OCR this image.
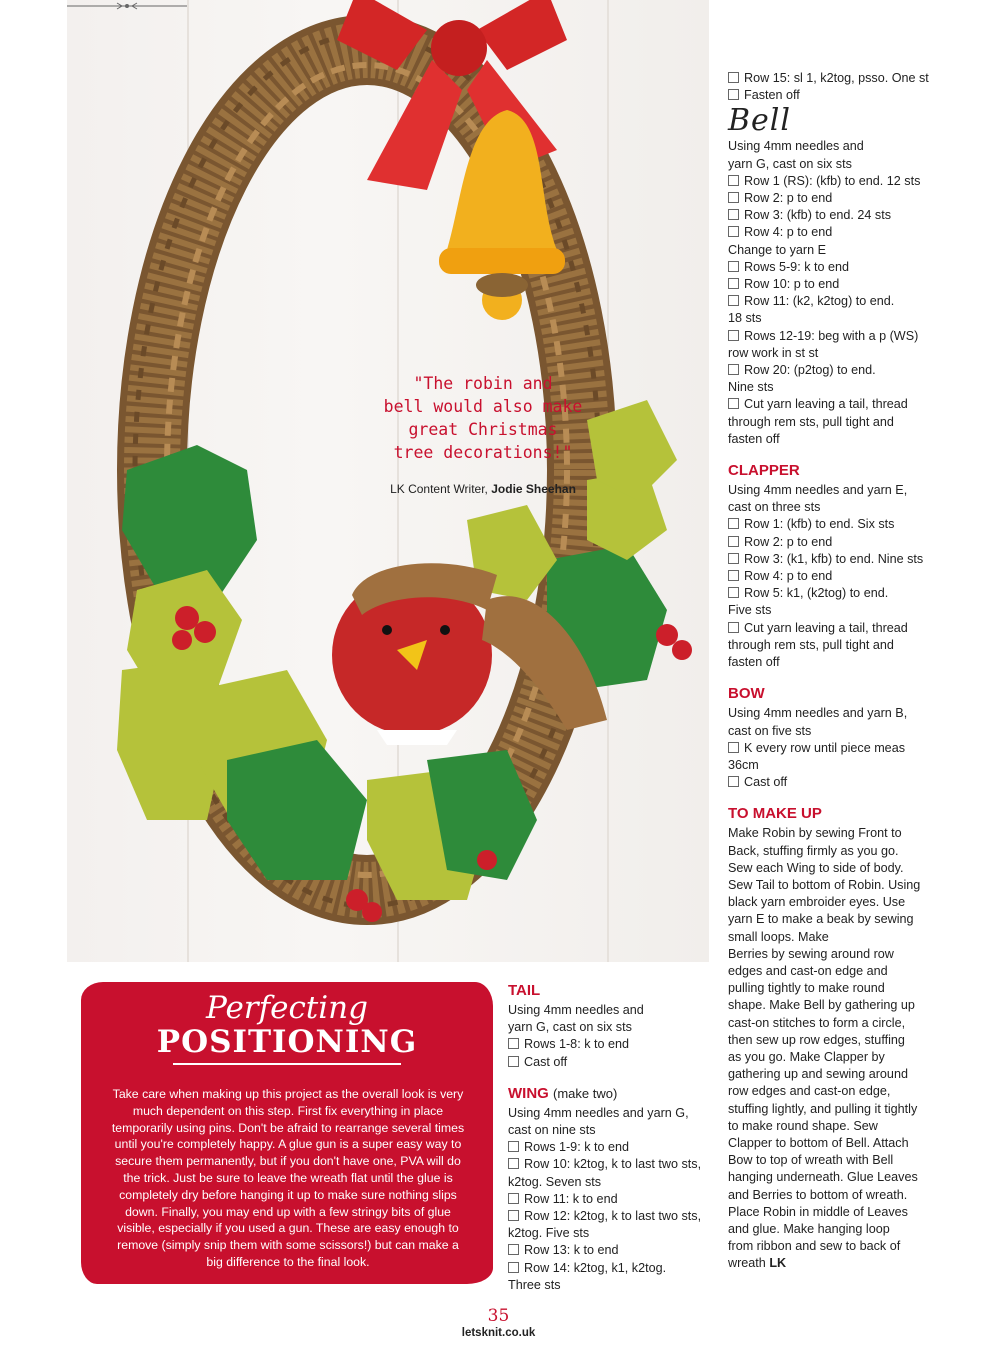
"The robin and
bell would also make
great Christmas
tree decorations!"
LK Content Writer, Jodie Sheehan

Row 15: sl 1, k2tog, psso. One st

Fasten off

Bell

Using 4mm needles and
yarn G, cast on six sts

Row 1 (RS): (kfb) to end. 12 sts

Row 2: p to end

Row 3: (kfb) to end. 24 sts

Row 4: p to end

Change to yarn E

Rows 5-9: k to end

Row 10: p to end

Row 11: (k2, k2tog) to end.

18 sts

Rows 12-19: beg with a p (WS)

row work in st st

Row 20: (p2tog) to end.

Nine sts

Cut yarn leaving a tail, thread

through rem sts, pull tight and

fasten off

CLAPPER

Using 4mm needles and yarn E,
cast on three sts

Row 1: (kfb) to end. Six sts

Row 2: p to end

Row 3: (k1, kfb) to end. Nine sts

Row 4: p to end

Row 5: k1, (k2tog) to end.

Five sts

Cut yarn leaving a tail, thread

through rem sts, pull tight and

fasten off

BOW

Using 4mm needles and yarn B,
cast on five sts

K every row until piece meas

36cm

Cast off

TO MAKE UP

Make Robin by sewing Front to
Back, stuffing firmly as you go.
Sew each Wing to side of body.
Sew Tail to bottom of Robin. Using
black yarn embroider eyes. Use
yarn E to make a beak by sewing
small loops. Make
Berries by sewing around row
edges and cast-on edge and
pulling tightly to make round
shape. Make Bell by gathering up
cast-on stitches to form a circle,
then sew up row edges, stuffing
as you go. Make Clapper by
gathering up and sewing around
row edges and cast-on edge,
stuffing lightly, and pulling it tightly
to make round shape. Sew
Clapper to bottom of Bell. Attach
Bow to top of wreath with Bell
hanging underneath. Glue Leaves
and Berries to bottom of wreath.
Place Robin in middle of Leaves
and glue. Make hanging loop
from ribbon and sew to back of
wreath LK

TAIL

Using 4mm needles and
yarn G, cast on six sts

Rows 1-8: k to end

Cast off

WING (make two)

Using 4mm needles and yarn G,
cast on nine sts

Rows 1-9: k to end

Row 10: k2tog, k to last two sts,

k2tog. Seven sts

Row 11: k to end

Row 12: k2tog, k to last two sts,

k2tog. Five sts

Row 13: k to end

Row 14: k2tog, k1, k2tog.

Three sts

Perfecting
POSITIONING
Take care when making up this project as the overall look is very much dependent on this step. First fix everything in place temporarily using pins. Don't be afraid to rearrange several times until you're completely happy. A glue gun is a super easy way to secure them permanently, but if you don't have one, PVA will do the trick. Just be sure to leave the wreath flat until the glue is completely dry before hanging it up to make sure nothing slips down. Finally, you may end up with a few stringy bits of glue visible, especially if you used a gun. These are easy enough to remove (simply snip them with some scissors!) but can make a big difference to the final look.
35
letsknit.co.uk
